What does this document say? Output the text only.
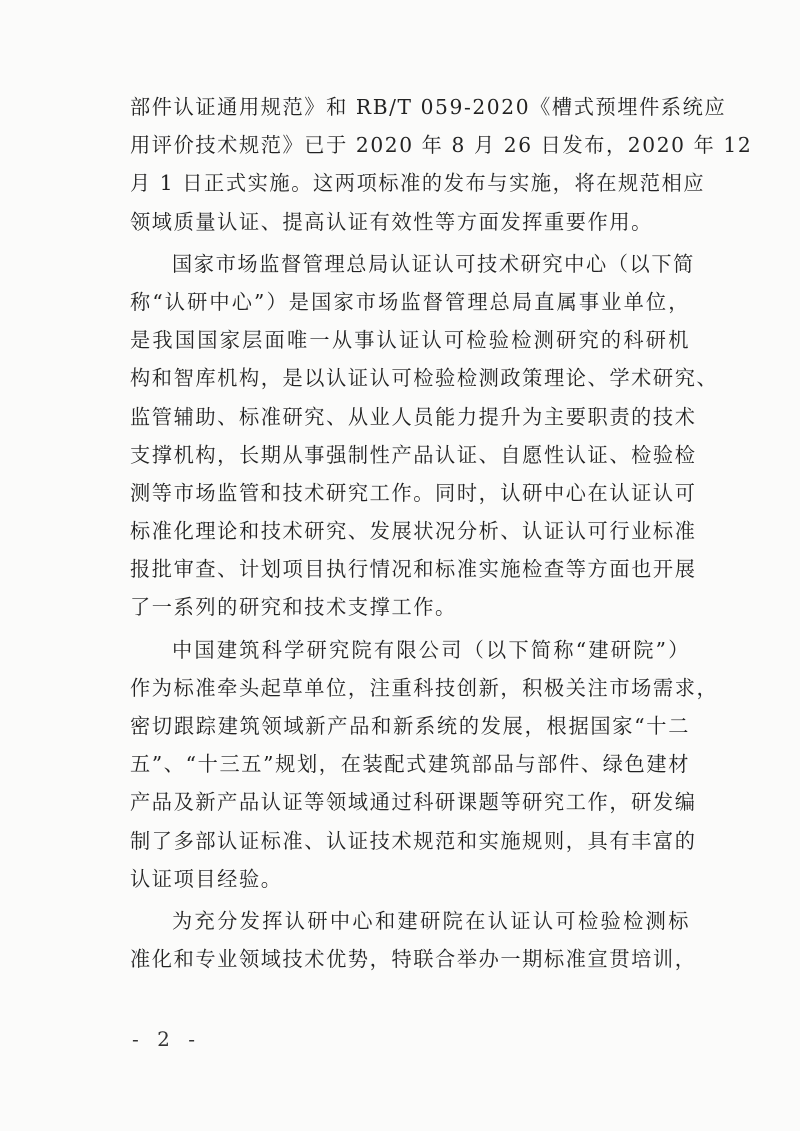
部件认证通用规范》和 RB/T 059-2020《槽式预埋件系统应
用评价技术规范》已于 2020 年 8 月 26 日发布，2020 年 12
月 1 日正式实施。这两项标准的发布与实施，将在规范相应
领域质量认证、提高认证有效性等方面发挥重要作用。
国家市场监督管理总局认证认可技术研究中心（以下简
称“认研中心”）是国家市场监督管理总局直属事业单位，
是我国国家层面唯一从事认证认可检验检测研究的科研机
构和智库机构，是以认证认可检验检测政策理论、学术研究、
监管辅助、标准研究、从业人员能力提升为主要职责的技术
支撑机构，长期从事强制性产品认证、自愿性认证、检验检
测等市场监管和技术研究工作。同时，认研中心在认证认可
标准化理论和技术研究、发展状况分析、认证认可行业标准
报批审查、计划项目执行情况和标准实施检查等方面也开展
了一系列的研究和技术支撑工作。
中国建筑科学研究院有限公司（以下简称“建研院”）
作为标准牵头起草单位，注重科技创新，积极关注市场需求，
密切跟踪建筑领域新产品和新系统的发展，根据国家“十二
五”、“十三五”规划，在装配式建筑部品与部件、绿色建材
产品及新产品认证等领域通过科研课题等研究工作，研发编
制了多部认证标准、认证技术规范和实施规则，具有丰富的
认证项目经验。
为充分发挥认研中心和建研院在认证认可检验检测标
准化和专业领域技术优势，特联合举办一期标准宣贯培训，
- 2 -
